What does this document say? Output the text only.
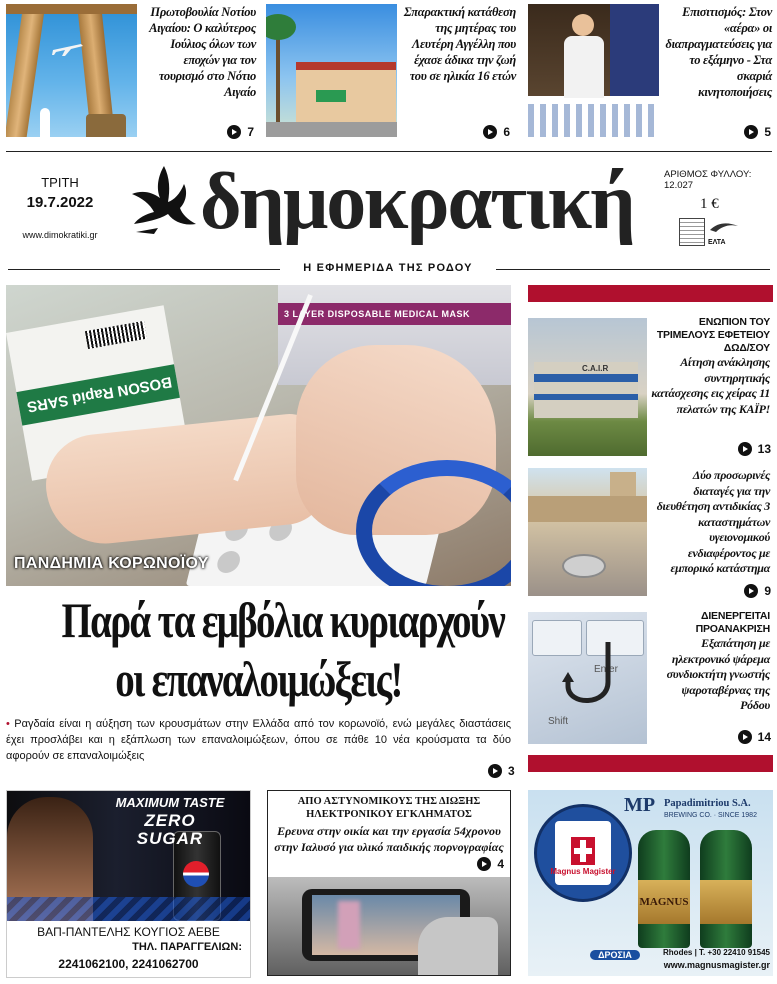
Πρωτοβουλία Νοτίου Αιγαίου: Ο καλύτερος Ιούλιος όλων των εποχών για τον τουρισμό στο Νότιο Αιγαίο
7
Σπαρακτική κατάθεση της μητέρας του Λευτέρη Αγγέλλη που έχασε άδικα την ζωή του σε ηλικία 16 ετών
6
Επισιτισμός: Στον «αέρα» οι διαπραγματεύσεις για το εξάμηνο - Στα σκαριά κινητοποιήσεις
5
ΤΡΙΤΗ
19.7.2022
www.dimokratiki.gr δημοκρατική	ΑΡΙΘΜΟΣ ΦΥΛΛΟΥ: 12.027
1 €
ΕΛΤΑ
Η ΕΦΗΜΕΡΙΔΑ ΤΗΣ ΡΟΔΟΥ
3 LAYER DISPOSABLE MEDICAL MASK
BOSON Rapid SARS
ΠΑΝΔΗΜΙΑ ΚΟΡΩΝΟΪΟΥ
Παρά τα εμβόλια κυριαρχούν
οι επαναλοιμώξεις!
• Ραγδαία είναι η αύξηση των κρουσμάτων στην Ελλάδα από τον κορωνοϊό, ενώ μεγάλες διαστάσεις έχει προσλάβει και η εξάπλωση των επαναλοιμώξεων, όπου σε πάθε 10 νέα κρούσματα τα δύο αφορούν σε επαναλοιμώξεις
3
C.A.I.R
ΕΝΩΠΙΟΝ ΤΟΥ ΤΡΙΜΕΛΟΥΣ ΕΦΕΤΕΙΟΥ ΔΩΔ/ΣΟΥ
Αίτηση ανάκλησης συντηρητικής κατάσχεσης εις χείρας 11 πελατών της ΚΑΪΡ!
13
Δύο προσωρινές διαταγές για την διευθέτηση αντιδικίας 3 καταστημάτων υγειονομικού ενδιαφέροντος με εμπορικό κατάστημα
9
Enter
Shift
ΔΙΕΝΕΡΓΕΙΤΑΙ ΠΡΟΑΝΑΚΡΙΣΗ
Εξαπάτηση με ηλεκτρονικό ψάρεμα συνδιοκτήτη γνωστής ψαροταβέρνας της Ρόδου
14
MAXIMUM TASTE
ZERO
SUGAR
ΒΑΠ-ΠΑΝΤΕΛΗΣ ΚΟΥΓΙΟΣ ΑΕΒΕ
ΤΗΛ. ΠΑΡΑΓΓΕΛΙΩΝ:
2241062100, 2241062700
ΑΠΟ ΑΣΤΥΝΟΜΙΚΟΥΣ ΤΗΣ ΔΙΩΞΗΣ ΗΛΕΚΤΡΟΝΙΚΟΥ ΕΓΚΛΗΜΑΤΟΣ
Ερευνα στην οικία και την εργασία 54χρονου στην Ιαλυσό για υλικό παιδικής πορνογραφίας
4
MP Papadimitriou S.A.
BREWING CO. · SINCE 1982
Magnus Magister
MAGNUS
ΔΡΟΣΙΑ	Rhodes | T. +30 22410 91545
www.magnusmagister.gr
